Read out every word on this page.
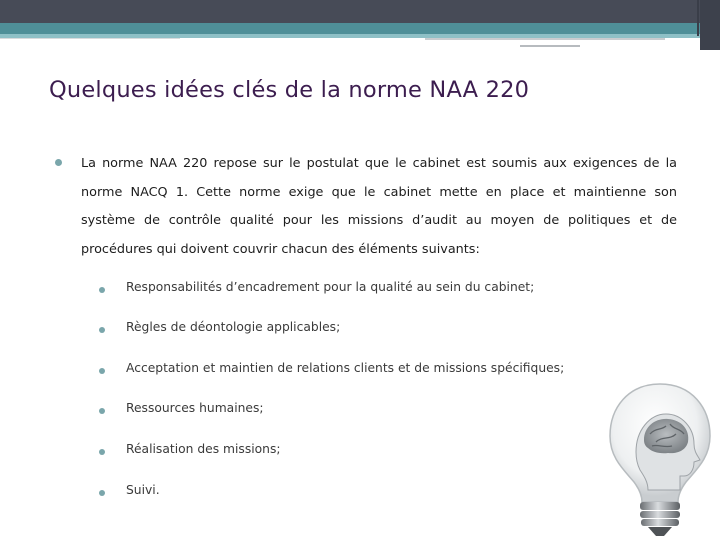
Quelques idées clés de la norme NAA 220
La norme NAA 220 repose sur le postulat que le cabinet est soumis aux exigences de la norme NACQ 1. Cette norme exige que le cabinet mette en place et maintienne son système de contrôle qualité pour les missions d’audit au moyen de politiques et de procédures qui doivent couvrir chacun des éléments suivants:
Responsabilités d’encadrement pour la qualité au sein du cabinet;
Règles de déontologie applicables;
Acceptation et maintien de relations clients et de missions spécifiques;
Ressources humaines;
Réalisation des missions;
Suivi.
